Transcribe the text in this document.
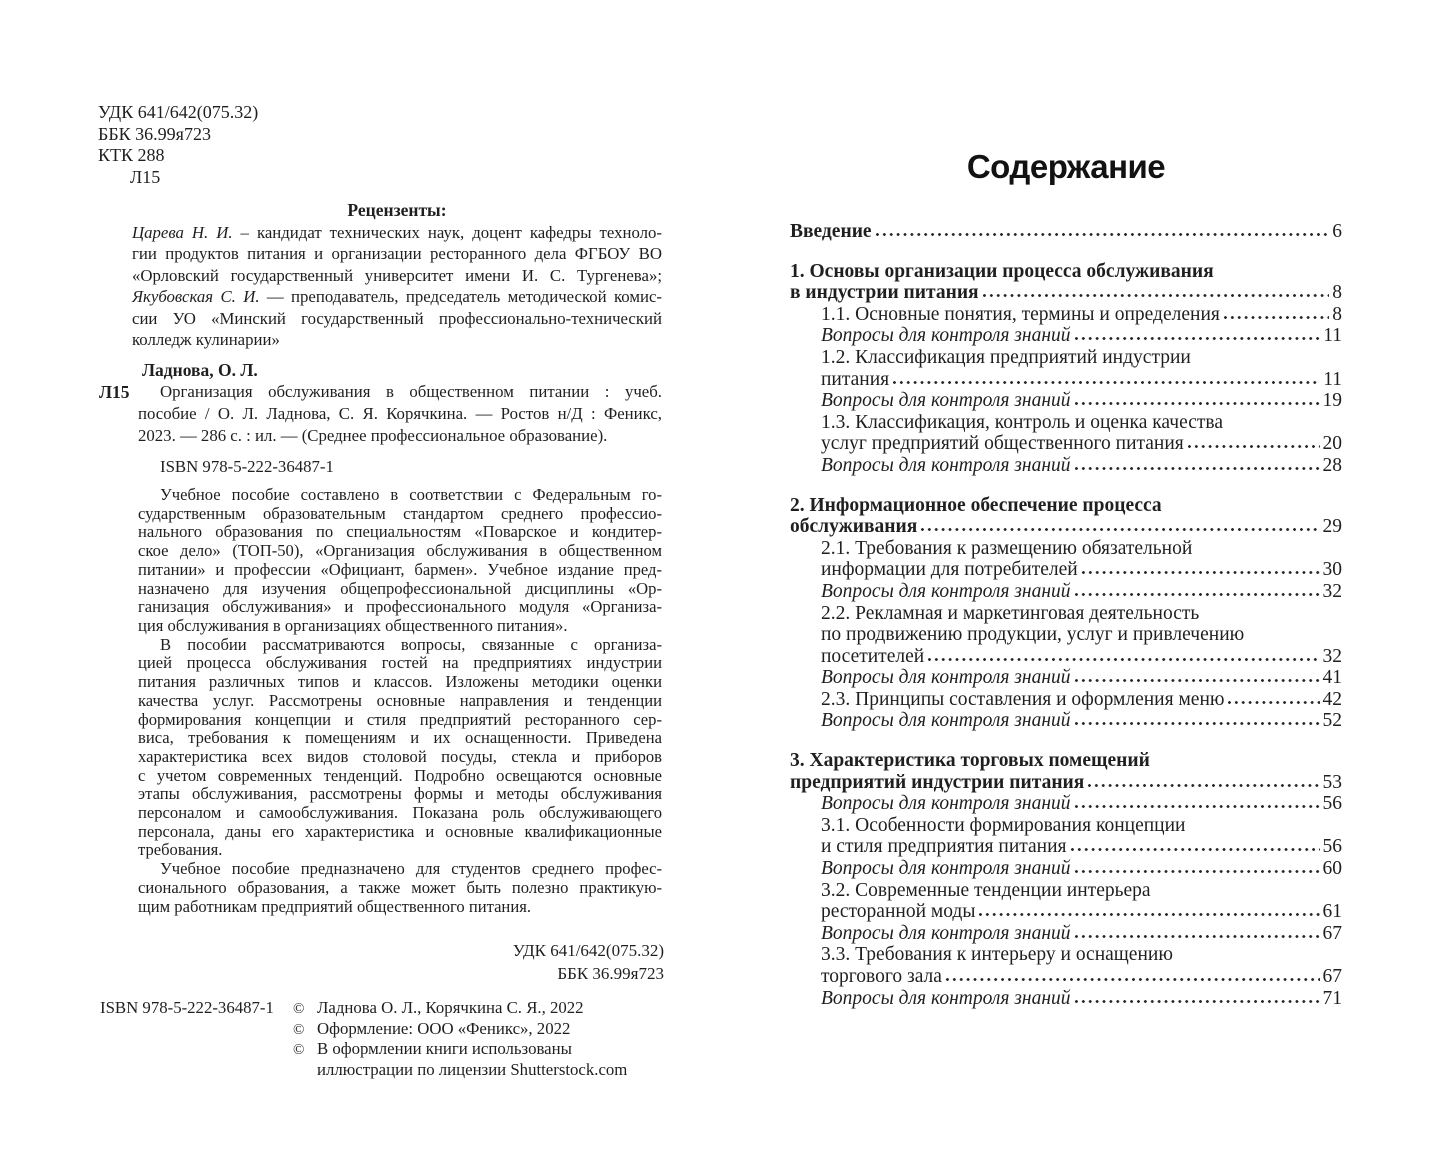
УДК 641/642(075.32)
ББК 36.99я723
КТК 288
Л15
Рецензенты:
Царева Н. И. – кандидат технических наук, доцент кафедры техноло-
гии продуктов питания и организации ресторанного дела ФГБОУ ВО
«Орловский государственный университет имени И. С. Тургенева»;
Якубовская С. И. — преподаватель, председатель методической комис-
сии УО «Минский государственный профессионально-технический
колледж кулинарии»
Ладнова, О. Л.
Л15	Организация обслуживания в общественном питании : учеб.
пособие / О. Л. Ладнова, С. Я. Корячкина. — Ростов н/Д : Феникс,
2023. — 286 с. : ил. — (Среднее профессиональное образование).
ISBN 978-5-222-36487-1
Учебное пособие составлено в соответствии с Федеральным го-
сударственным образовательным стандартом среднего профессио-
нального образования по специальностям «Поварское и кондитер-
ское дело» (ТОП-50), «Организация обслуживания в общественном
питании» и профессии «Официант, бармен». Учебное издание пред-
назначено для изучения общепрофессиональной дисциплины «Ор-
ганизация обслуживания» и профессионального модуля «Организа-
ция обслуживания в организациях общественного питания».
В пособии рассматриваются вопросы, связанные с организа-
цией процесса обслуживания гостей на предприятиях индустрии
питания различных типов и классов. Изложены методики оценки
качества услуг. Рассмотрены основные направления и тенденции
формирования концепции и стиля предприятий ресторанного сер-
виса, требования к помещениям и их оснащенности. Приведена
характеристика всех видов столовой посуды, стекла и приборов
с учетом современных тенденций. Подробно освещаются основные
этапы обслуживания, рассмотрены формы и методы обслуживания
персоналом и самообслуживания. Показана роль обслуживающего
персонала, даны его характеристика и основные квалификационные
требования.
Учебное пособие предназначено для студентов среднего профес-
сионального образования, а также может быть полезно практикую-
щим работникам предприятий общественного питания.
УДК 641/642(075.32)
ББК 36.99я723
ISBN 978-5-222-36487-1 © Ладнова О. Л., Корячкина С. Я., 2022
© Оформление: ООО «Феникс», 2022
© В оформлении книги использованы
иллюстрации по лицензии Shutterstock.com
Содержание
Введение	6
1. Основы организации процесса обслуживания
в индустрии питания	8
1.1. Основные понятия, термины и определения	8
Вопросы для контроля знаний	11
1.2. Классификация предприятий индустрии
питания	11
Вопросы для контроля знаний	19
1.3. Классификация, контроль и оценка качества
услуг предприятий общественного питания	20
Вопросы для контроля знаний	28
2. Информационное обеспечение процесса
обслуживания	29
2.1. Требования к размещению обязательной
информации для потребителей	30
Вопросы для контроля знаний	32
2.2. Рекламная и маркетинговая деятельность
по продвижению продукции, услуг и привлечению
посетителей	32
Вопросы для контроля знаний	41
2.3. Принципы составления и оформления меню	42
Вопросы для контроля знаний	52
3. Характеристика торговых помещений
предприятий индустрии питания	53
Вопросы для контроля знаний	56
3.1. Особенности формирования концепции
и стиля предприятия питания	56
Вопросы для контроля знаний	60
3.2. Современные тенденции интерьера
ресторанной моды	61
Вопросы для контроля знаний	67
3.3. Требования к интерьеру и оснащению
торгового зала	67
Вопросы для контроля знаний	71
